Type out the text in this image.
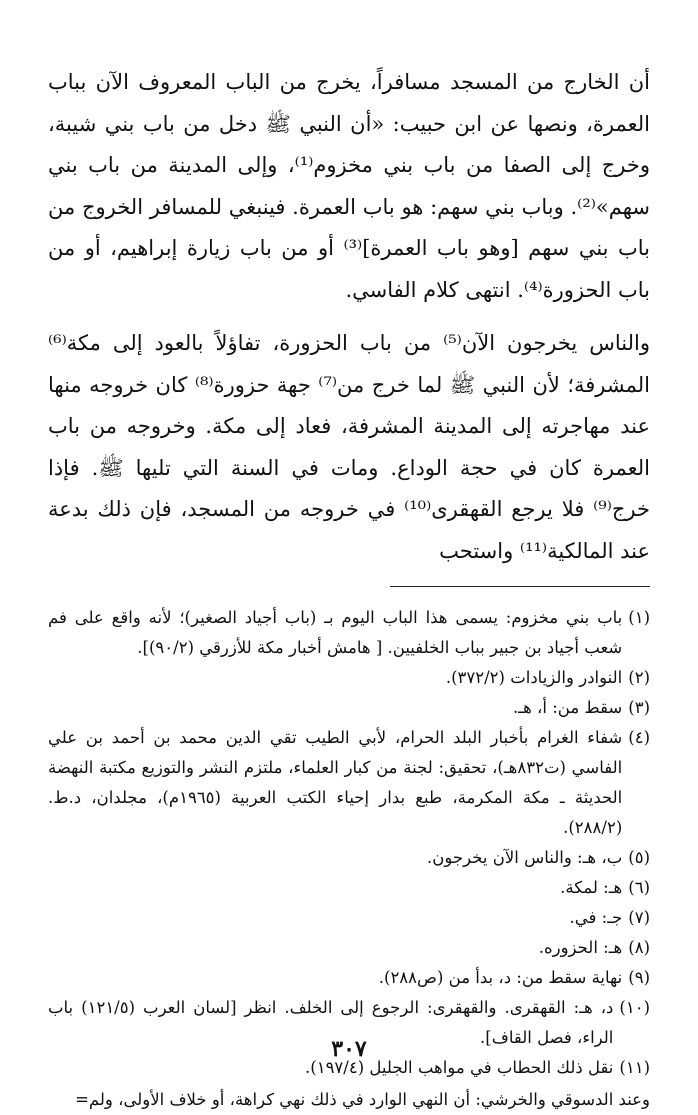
أن الخارج من المسجد مسافراً، يخرج من الباب المعروف الآن بباب العمرة، ونصها عن ابن حبيب: «أن النبي ﷺ دخل من باب بني شيبة، وخرج إلى الصفا من باب بني مخزوم⁽¹⁾، وإلى المدينة من باب بني سهم»⁽²⁾. وباب بني سهم: هو باب العمرة. فينبغي للمسافر الخروج من باب بني سهم [وهو باب العمرة]⁽³⁾ أو من باب زيارة إبراهيم، أو من باب الحزورة⁽⁴⁾. انتهى كلام الفاسي.

والناس يخرجون الآن⁽⁵⁾ من باب الحزورة، تفاؤلاً بالعود إلى مكة⁽⁶⁾ المشرفة؛ لأن النبي ﷺ لما خرج من⁽⁷⁾ جهة حزورة⁽⁸⁾ كان خروجه منها عند مهاجرته إلى المدينة المشرفة، فعاد إلى مكة. وخروجه من باب العمرة كان في حجة الوداع. ومات في السنة التي تليها ﷺ. فإذا خرج⁽⁹⁾ فلا يرجع القهقرى⁽¹⁰⁾ في خروجه من المسجد، فإن ذلك بدعة عند المالكية⁽¹¹⁾ واستحب

(١)
باب بني مخزوم: يسمى هذا الباب اليوم بـ (باب أجياد الصغير)؛ لأنه واقع على فم شعب أجياد بن جبير بباب الخلفيين. [ هامش أخبار مكة للأزرقي (٩٠/٢)].
(٢)
النوادر والزيادات (٣٧٢/٢).
(٣)
سقط من: أ، هـ.
(٤)
شفاء الغرام بأخبار البلد الحرام، لأبي الطيب تقي الدين محمد بن أحمد بن علي الفاسي (ت٨٣٢هـ)، تحقيق: لجنة من كبار العلماء، ملتزم النشر والتوزيع مكتبة النهضة الحديثة ـ مكة المكرمة، طبع بدار إحياء الكتب العربية (١٩٦٥م)، مجلدان، د.ط. (٢٨٨/٢).
(٥)
ب، هـ: والناس الآن يخرجون.
(٦)
هـ: لمكة.
(٧)
جـ: في.
(٨)
هـ: الحزوره.
(٩)
نهاية سقط من: د، بدأ من (ص٢٨٨).
(١٠)
د، هـ: القهقرى. والقهقرى: الرجوع إلى الخلف. انظر [لسان العرب (١٢١/٥) باب الراء، فصل القاف].
(١١)
نقل ذلك الحطاب في مواهب الجليل (١٩٧/٤).
وعند الدسوقي والخرشي: أن النهي الوارد في ذلك نهي كراهة، أو خلاف الأولى، ولم=
٣٠٧
